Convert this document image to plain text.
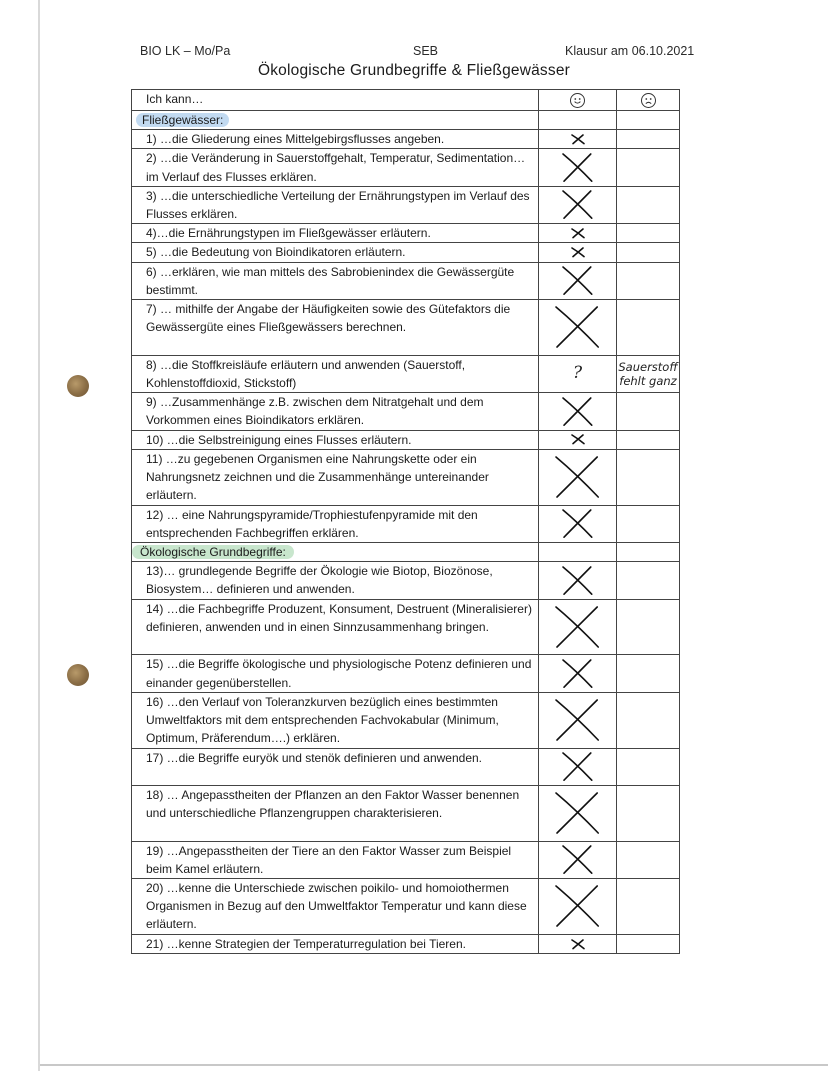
BIO LK – Mo/Pa	SEB	Klausur am 06.10.2021
Ökologische Grundbegriffe & Fließgewässer
Ich kann…	

Fließgewässer:		
1) …die Gliederung eines Mittelgebirgsflusses angeben.	

2) …die Veränderung in Sauerstoffgehalt, Temperatur, Sedimentation… im Verlauf des Flusses erklären.	

3) …die unterschiedliche Verteilung der Ernährungstypen im Verlauf des Flusses erklären.	

4)…die Ernährungstypen im Fließgewässer erläutern.	

5) …die Bedeutung von Bioindikatoren erläutern.	

6) …erklären, wie man mittels des Sabrobienindex die Gewässergüte bestimmt.	

7) … mithilfe der Angabe der Häufigkeiten sowie des Gütefaktors die Gewässergüte eines Fließgewässers berechnen.	

8) …die Stoffkreisläufe erläutern und anwenden (Sauerstoff, Kohlenstoffdioxid, Stickstoff)	?	Sauerstoff
fehlt ganz

9) …Zusammenhänge z.B. zwischen dem Nitratgehalt und dem Vorkommen eines Bioindikators erklären.	

10) …die Selbstreinigung eines Flusses erläutern.	

11) …zu gegebenen Organismen eine Nahrungskette oder ein Nahrungsnetz zeichnen und die Zusammenhänge untereinander erläutern.	

12) … eine Nahrungspyramide/Trophiestufenpyramide mit den entsprechenden Fachbegriffen erklären.	

Ökologische Grundbegriffe:		
13)… grundlegende Begriffe der Ökologie wie Biotop, Biozönose, Biosystem… definieren und anwenden.	

14) …die Fachbegriffe Produzent, Konsument, Destruent (Mineralisierer) definieren, anwenden und in einen Sinnzusammenhang bringen.	

15) …die Begriffe ökologische und physiologische Potenz definieren und einander gegenüberstellen.	

16) …den Verlauf von Toleranzkurven bezüglich eines bestimmten Umweltfaktors mit dem entsprechenden Fachvokabular (Minimum, Optimum, Präferendum….) erklären.	

17) …die Begriffe euryök und stenök definieren und anwenden.	

18) … Angepasstheiten der Pflanzen an den Faktor Wasser benennen und unterschiedliche Pflanzengruppen charakterisieren.	

19) …Angepasstheiten der Tiere an den Faktor Wasser zum Beispiel beim Kamel erläutern.	

20) …kenne die Unterschiede zwischen poikilo- und homoiothermen Organismen in Bezug auf den Umweltfaktor Temperatur und kann diese erläutern.	

21) …kenne Strategien der Temperaturregulation bei Tieren.	
